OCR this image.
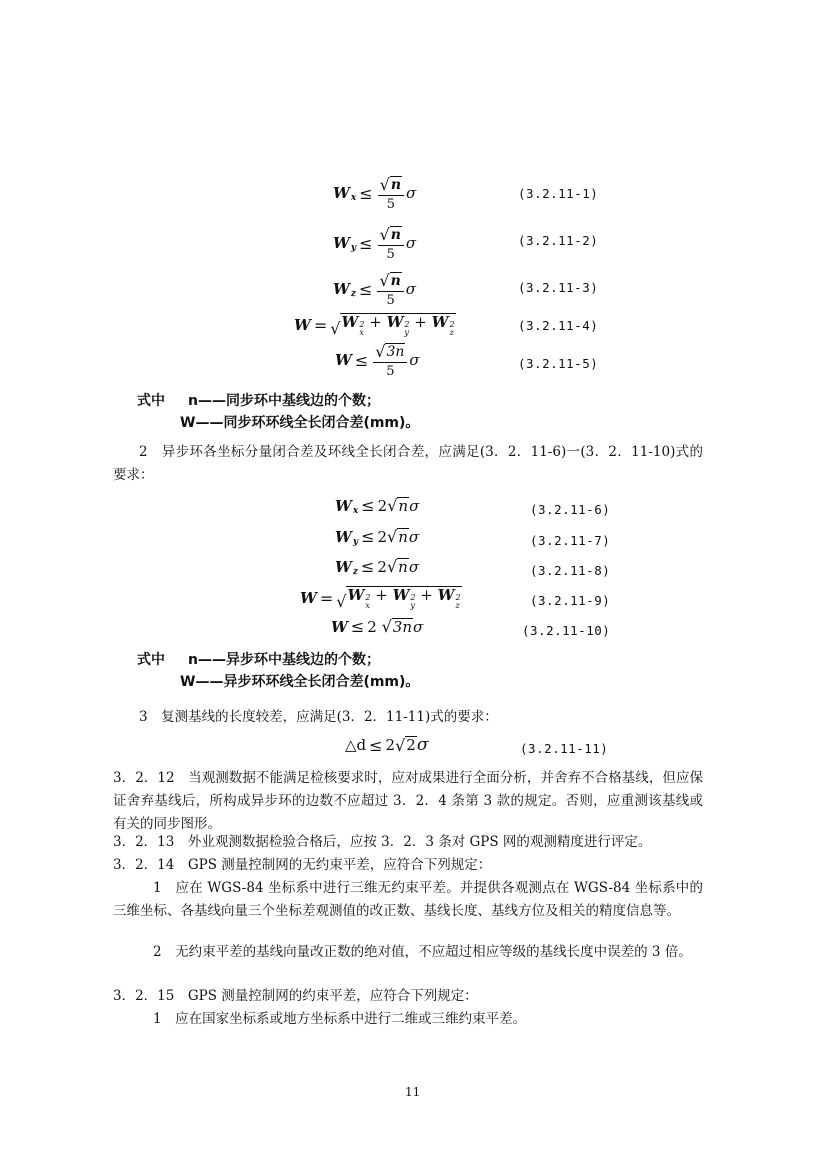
W $x \le \frac{√ n}{5}$ σ	(3.2.11-1)
W $y \le \frac{√ n}{5}$ σ	(3.2.11-2)
W $z \le \frac{√ n}{5}$ σ	(3.2.11-3)
W = √ W 2
x
+ W 2
y
+ W 2
z	(3.2.11-4)
$W \le \frac{√ 3n}{5}$ σ	(3.2.11-5)
式中 n——同步环中基线边的个数；
W——同步环环线全长闭合差(mm)。
2　异步环各坐标分量闭合差及环线全长闭合差，应满足(3．2．11-6)一(3．2．11-10)式的要求：
W x ≤ 2 √ n σ	(3.2.11-6)
W y ≤ 2 √ n σ	(3.2.11-7)
W z ≤ 2 √ n σ	(3.2.11-8)
W = √ W 2
x
+ W 2
y
+ W 2
z	(3.2.11-9)
W ≤ 2
√ 3n σ	(3.2.11-10)
式中 n——异步环中基线边的个数；
W——异步环环线全长闭合差(mm)。
3　复测基线的长度较差，应满足(3．2．11-11)式的要求：
△d ≤ 2 √ 2 σ	(3.2.11-11)
3．2．12　当观测数据不能满足检核要求时，应对成果进行全面分析，并舍弃不合格基线，但应保证舍弃基线后，所构成异步环的边数不应超过 3．2．4 条第 3 款的规定。否则，应重测该基线或有关的同步图形。
3．2．13　外业观测数据检验合格后，应按 3．2．3 条对 GPS 网的观测精度进行评定。
3．2．14　GPS 测量控制网的无约束平差，应符合下列规定：
1　应在 WGS-84 坐标系中进行三维无约束平差。并提供各观测点在 WGS-84 坐标系中的三维坐标、各基线向量三个坐标差观测值的改正数、基线长度、基线方位及相关的精度信息等。
2　无约束平差的基线向量改正数的绝对值，不应超过相应等级的基线长度中误差的 3 倍。
3．2．15　GPS 测量控制网的约束平差，应符合下列规定：
1　应在国家坐标系或地方坐标系中进行二维或三维约束平差。
11
